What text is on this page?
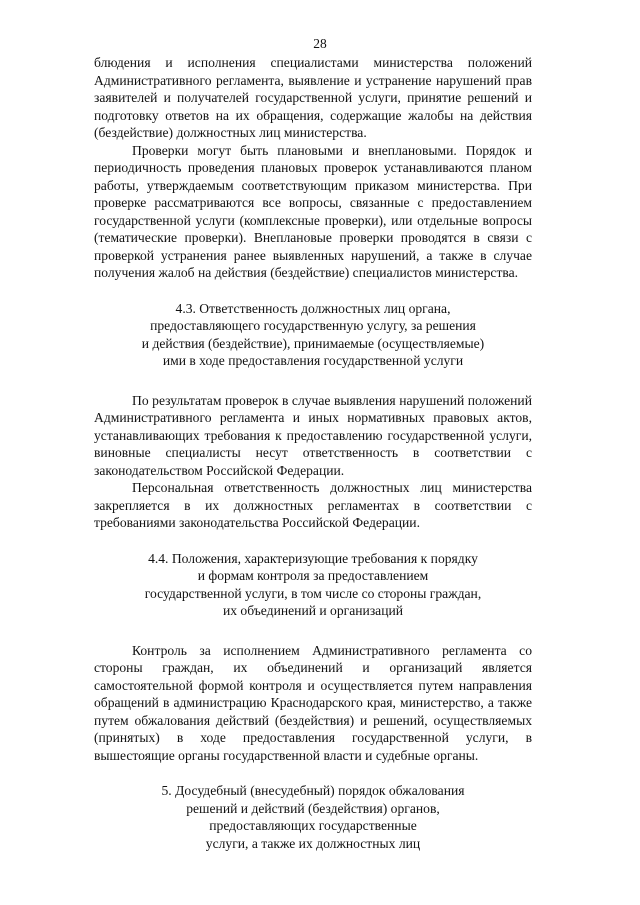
28

блюдения и исполнения специалистами министерства положений Административного регламента, выявление и устранение нарушений прав заявителей и получателей государственной услуги, принятие решений и подготовку ответов на их обращения, содержащие жалобы на действия (бездействие) должностных лиц министерства.

Проверки могут быть плановыми и внеплановыми. Порядок и периодичность проведения плановых проверок устанавливаются планом работы, утверждаемым соответствующим приказом министерства. При проверке рассматриваются все вопросы, связанные с предоставлением государственной услуги (комплексные проверки), или отдельные вопросы (тематические проверки). Внеплановые проверки проводятся в связи с проверкой устранения ранее выявленных нарушений, а также в случае получения жалоб на действия (бездействие) специалистов министерства.

4.3. Ответственность должностных лиц органа,

предоставляющего государственную услугу, за решения

и действия (бездействие), принимаемые (осуществляемые)

ими в ходе предоставления государственной услуги

По результатам проверок в случае выявления нарушений положений Административного регламента и иных нормативных правовых актов, устанавливающих требования к предоставлению государственной услуги, виновные специалисты несут ответственность в соответствии с законодательством Российской Федерации.

Персональная ответственность должностных лиц министерства закрепляется в их должностных регламентах в соответствии с требованиями законодательства Российской Федерации.

4.4. Положения, характеризующие требования к порядку

и формам контроля за предоставлением

государственной услуги, в том числе со стороны граждан,

их объединений и организаций

Контроль за исполнением Административного регламента со стороны граждан, их объединений и организаций является самостоятельной формой контроля и осуществляется путем направления обращений в администрацию Краснодарского края, министерство, а также путем обжалования действий (бездействия) и решений, осуществляемых (принятых) в ходе предоставления государственной услуги, в вышестоящие органы государственной власти и судебные органы.

5. Досудебный (внесудебный) порядок обжалования

решений и действий (бездействия) органов,

предоставляющих государственные

услуги, а также их должностных лиц
